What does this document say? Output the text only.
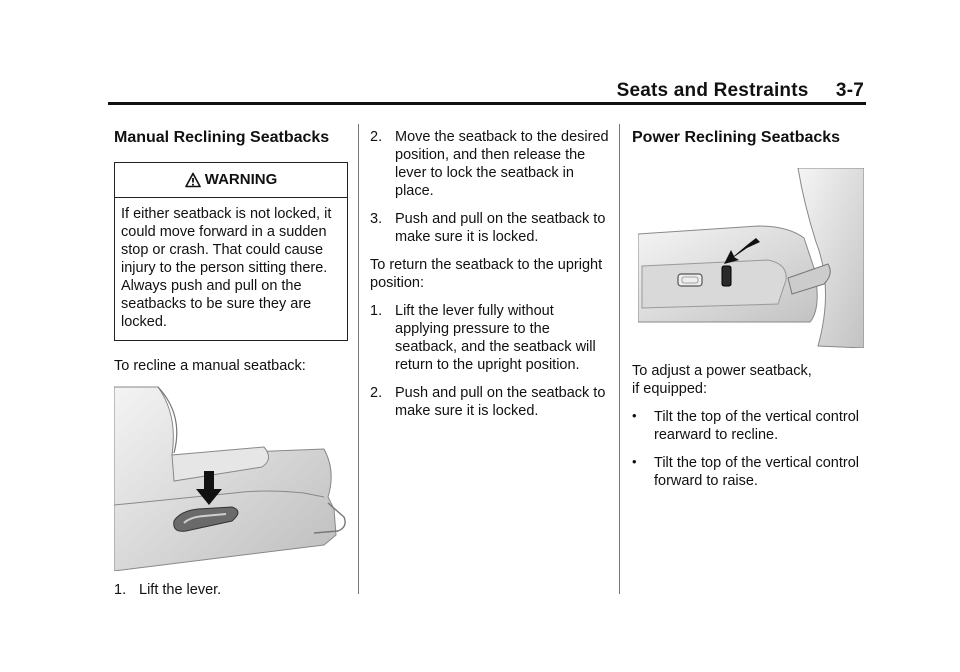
Seats and Restraints     3-7
Manual Reclining Seatbacks
WARNING
If either seatback is not locked, it could move forward in a sudden stop or crash. That could cause injury to the person sitting there. Always push and pull on the seatbacks to be sure they are locked.
To recline a manual seatback:
1. Lift the lever.
2. Move the seatback to the desired position, and then release the lever to lock the seatback in place.
3. Push and pull on the seatback to make sure it is locked.
To return the seatback to the upright position:
1. Lift the lever fully without applying pressure to the seatback, and the seatback will return to the upright position.
2. Push and pull on the seatback to make sure it is locked.
Power Reclining Seatbacks
To adjust a power seatback,
if equipped:
•	Tilt the top of the vertical control rearward to recline.
•	Tilt the top of the vertical control forward to raise.
